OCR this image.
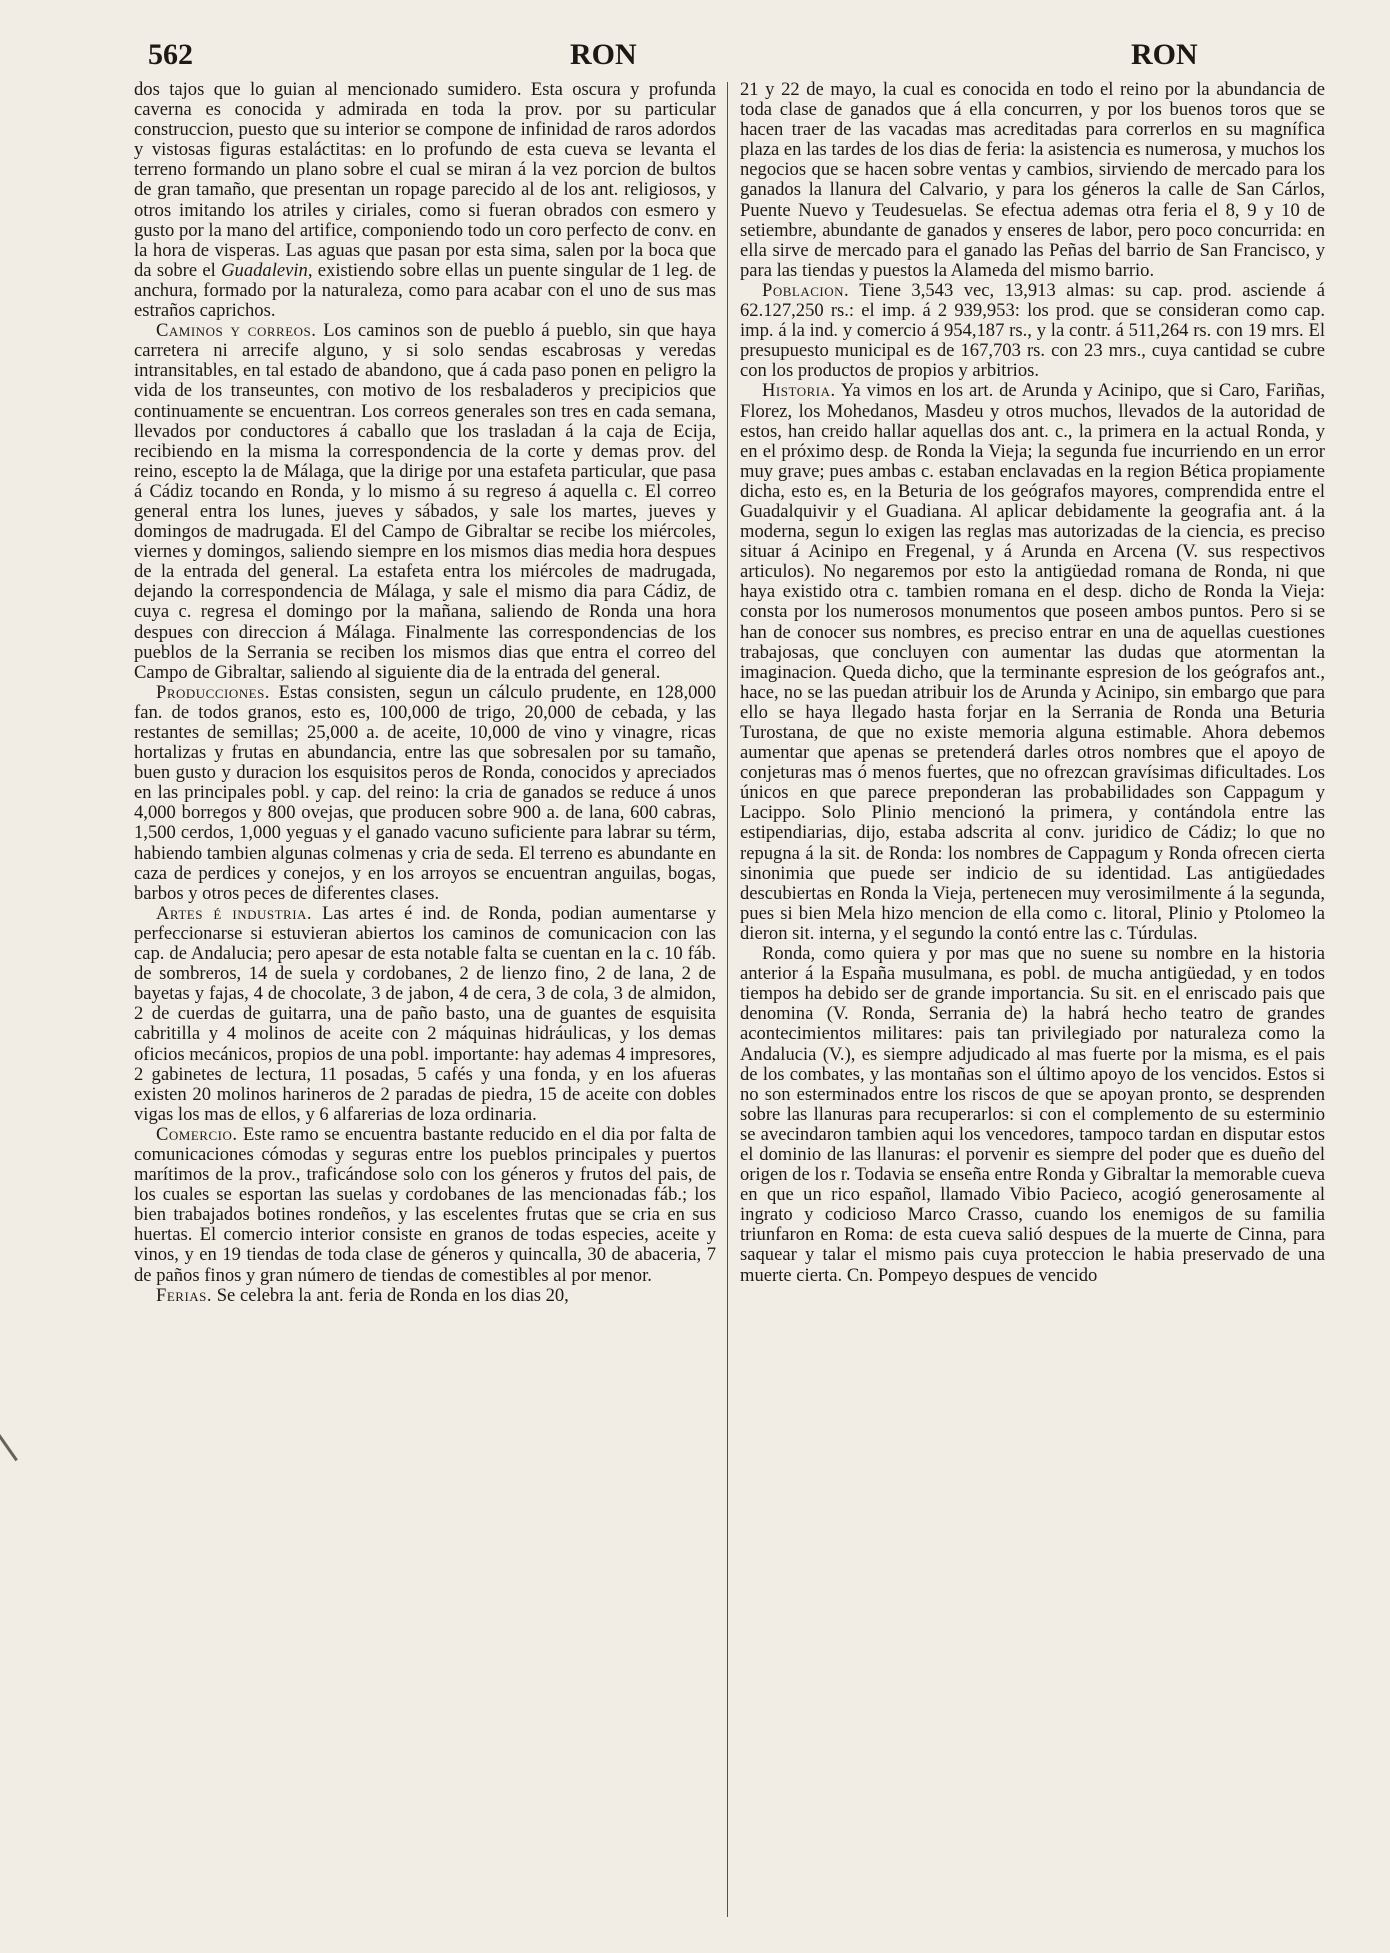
562	RON	RON

dos tajos que lo guian al mencionado sumidero. Esta oscura y profunda caverna es conocida y admirada en toda la prov. por su particular construccion, puesto que su interior se compone de infinidad de raros adordos y vistosas figuras estaláctitas: en lo profundo de esta cueva se levanta el terreno formando un plano sobre el cual se miran á la vez porcion de bultos de gran tamaño, que presentan un ropage parecido al de los ant. religiosos, y otros imitando los atriles y ciriales, como si fueran obrados con esmero y gusto por la mano del artifice, componiendo todo un coro perfecto de conv. en la hora de visperas. Las aguas que pasan por esta sima, salen por la boca que da sobre el Guadalevin, existiendo sobre ellas un puente singular de 1 leg. de anchura, formado por la naturaleza, como para acabar con el uno de sus mas estraños caprichos.

Caminos y correos. Los caminos son de pueblo á pueblo, sin que haya carretera ni arrecife alguno, y si solo sendas escabrosas y veredas intransitables, en tal estado de abandono, que á cada paso ponen en peligro la vida de los transeuntes, con motivo de los resbaladeros y precipicios que continuamente se encuentran. Los correos generales son tres en cada semana, llevados por conductores á caballo que los trasladan á la caja de Ecija, recibiendo en la misma la correspondencia de la corte y demas prov. del reino, escepto la de Málaga, que la dirige por una estafeta particular, que pasa á Cádiz tocando en Ronda, y lo mismo á su regreso á aquella c. El correo general entra los lunes, jueves y sábados, y sale los martes, jueves y domingos de madrugada. El del Campo de Gibraltar se recibe los miércoles, viernes y domingos, saliendo siempre en los mismos dias media hora despues de la entrada del general. La estafeta entra los miércoles de madrugada, dejando la correspondencia de Málaga, y sale el mismo dia para Cádiz, de cuya c. regresa el domingo por la mañana, saliendo de Ronda una hora despues con direccion á Málaga. Finalmente las correspondencias de los pueblos de la Serrania se reciben los mismos dias que entra el correo del Campo de Gibraltar, saliendo al siguiente dia de la entrada del general.

Producciones. Estas consisten, segun un cálculo prudente, en 128,000 fan. de todos granos, esto es, 100,000 de trigo, 20,000 de cebada, y las restantes de semillas; 25,000 a. de aceite, 10,000 de vino y vinagre, ricas hortalizas y frutas en abundancia, entre las que sobresalen por su tamaño, buen gusto y duracion los esquisitos peros de Ronda, conocidos y apreciados en las principales pobl. y cap. del reino: la cria de ganados se reduce á unos 4,000 borregos y 800 ovejas, que producen sobre 900 a. de lana, 600 cabras, 1,500 cerdos, 1,000 yeguas y el ganado vacuno suficiente para labrar su térm, habiendo tambien algunas colmenas y cria de seda. El terreno es abundante en caza de perdices y conejos, y en los arroyos se encuentran anguilas, bogas, barbos y otros peces de diferentes clases.

Artes é industria. Las artes é ind. de Ronda, podian aumentarse y perfeccionarse si estuvieran abiertos los caminos de comunicacion con las cap. de Andalucia; pero apesar de esta notable falta se cuentan en la c. 10 fáb. de sombreros, 14 de suela y cordobanes, 2 de lienzo fino, 2 de lana, 2 de bayetas y fajas, 4 de chocolate, 3 de jabon, 4 de cera, 3 de cola, 3 de almidon, 2 de cuerdas de guitarra, una de paño basto, una de guantes de esquisita cabritilla y 4 molinos de aceite con 2 máquinas hidráulicas, y los demas oficios mecánicos, propios de una pobl. importante: hay ademas 4 impresores, 2 gabinetes de lectura, 11 posadas, 5 cafés y una fonda, y en los afueras existen 20 molinos harineros de 2 paradas de piedra, 15 de aceite con dobles vigas los mas de ellos, y 6 alfarerias de loza ordinaria.

Comercio. Este ramo se encuentra bastante reducido en el dia por falta de comunicaciones cómodas y seguras entre los pueblos principales y puertos marítimos de la prov., traficándose solo con los géneros y frutos del pais, de los cuales se esportan las suelas y cordobanes de las mencionadas fáb.; los bien trabajados botines rondeños, y las escelentes frutas que se cria en sus huertas. El comercio interior consiste en granos de todas especies, aceite y vinos, y en 19 tiendas de toda clase de géneros y quincalla, 30 de abaceria, 7 de paños finos y gran número de tiendas de comestibles al por menor.

Ferias. Se celebra la ant. feria de Ronda en los dias 20,

21 y 22 de mayo, la cual es conocida en todo el reino por la abundancia de toda clase de ganados que á ella concurren, y por los buenos toros que se hacen traer de las vacadas mas acreditadas para correrlos en su magnífica plaza en las tardes de los dias de feria: la asistencia es numerosa, y muchos los negocios que se hacen sobre ventas y cambios, sirviendo de mercado para los ganados la llanura del Calvario, y para los géneros la calle de San Cárlos, Puente Nuevo y Teudesuelas. Se efectua ademas otra feria el 8, 9 y 10 de setiembre, abundante de ganados y enseres de labor, pero poco concurrida: en ella sirve de mercado para el ganado las Peñas del barrio de San Francisco, y para las tiendas y puestos la Alameda del mismo barrio.

Poblacion. Tiene 3,543 vec, 13,913 almas: su cap. prod. asciende á 62.127,250 rs.: el imp. á 2 939,953: los prod. que se consideran como cap. imp. á la ind. y comercio á 954,187 rs., y la contr. á 511,264 rs. con 19 mrs. El presupuesto municipal es de 167,703 rs. con 23 mrs., cuya cantidad se cubre con los productos de propios y arbitrios.

Historia. Ya vimos en los art. de Arunda y Acinipo, que si Caro, Fariñas, Florez, los Mohedanos, Masdeu y otros muchos, llevados de la autoridad de estos, han creido hallar aquellas dos ant. c., la primera en la actual Ronda, y en el próximo desp. de Ronda la Vieja; la segunda fue incurriendo en un error muy grave; pues ambas c. estaban enclavadas en la region Bética propiamente dicha, esto es, en la Beturia de los geógrafos mayores, comprendida entre el Guadalquivir y el Guadiana. Al aplicar debidamente la geografia ant. á la moderna, segun lo exigen las reglas mas autorizadas de la ciencia, es preciso situar á Acinipo en Fregenal, y á Arunda en Arcena (V. sus respectivos articulos). No negaremos por esto la antigüedad romana de Ronda, ni que haya existido otra c. tambien romana en el desp. dicho de Ronda la Vieja: consta por los numerosos monumentos que poseen ambos puntos. Pero si se han de conocer sus nombres, es preciso entrar en una de aquellas cuestiones trabajosas, que concluyen con aumentar las dudas que atormentan la imaginacion. Queda dicho, que la terminante espresion de los geógrafos ant., hace, no se las puedan atribuir los de Arunda y Acinipo, sin embargo que para ello se haya llegado hasta forjar en la Serrania de Ronda una Beturia Turostana, de que no existe memoria alguna estimable. Ahora debemos aumentar que apenas se pretenderá darles otros nombres que el apoyo de conjeturas mas ó menos fuertes, que no ofrezcan gravísimas dificultades. Los únicos en que parece preponderan las probabilidades son Cappagum y Lacippo. Solo Plinio mencionó la primera, y contándola entre las estipendiarias, dijo, estaba adscrita al conv. juridico de Cádiz; lo que no repugna á la sit. de Ronda: los nombres de Cappagum y Ronda ofrecen cierta sinonimia que puede ser indicio de su identidad. Las antigüedades descubiertas en Ronda la Vieja, pertenecen muy verosimilmente á la segunda, pues si bien Mela hizo mencion de ella como c. litoral, Plinio y Ptolomeo la dieron sit. interna, y el segundo la contó entre las c. Túrdulas.

Ronda, como quiera y por mas que no suene su nombre en la historia anterior á la España musulmana, es pobl. de mucha antigüedad, y en todos tiempos ha debido ser de grande importancia. Su sit. en el enriscado pais que denomina (V. Ronda, Serrania de) la habrá hecho teatro de grandes acontecimientos militares: pais tan privilegiado por naturaleza como la Andalucia (V.), es siempre adjudicado al mas fuerte por la misma, es el pais de los combates, y las montañas son el último apoyo de los vencidos. Estos si no son esterminados entre los riscos de que se apoyan pronto, se desprenden sobre las llanuras para recuperarlos: si con el complemento de su esterminio se avecindaron tambien aqui los vencedores, tampoco tardan en disputar estos el dominio de las llanuras: el porvenir es siempre del poder que es dueño del origen de los r. Todavia se enseña entre Ronda y Gibraltar la memorable cueva en que un rico español, llamado Vibio Pacieco, acogió generosamente al ingrato y codicioso Marco Crasso, cuando los enemigos de su familia triunfaron en Roma: de esta cueva salió despues de la muerte de Cinna, para saquear y talar el mismo pais cuya proteccion le habia preservado de una muerte cierta. Cn. Pompeyo despues de vencido
